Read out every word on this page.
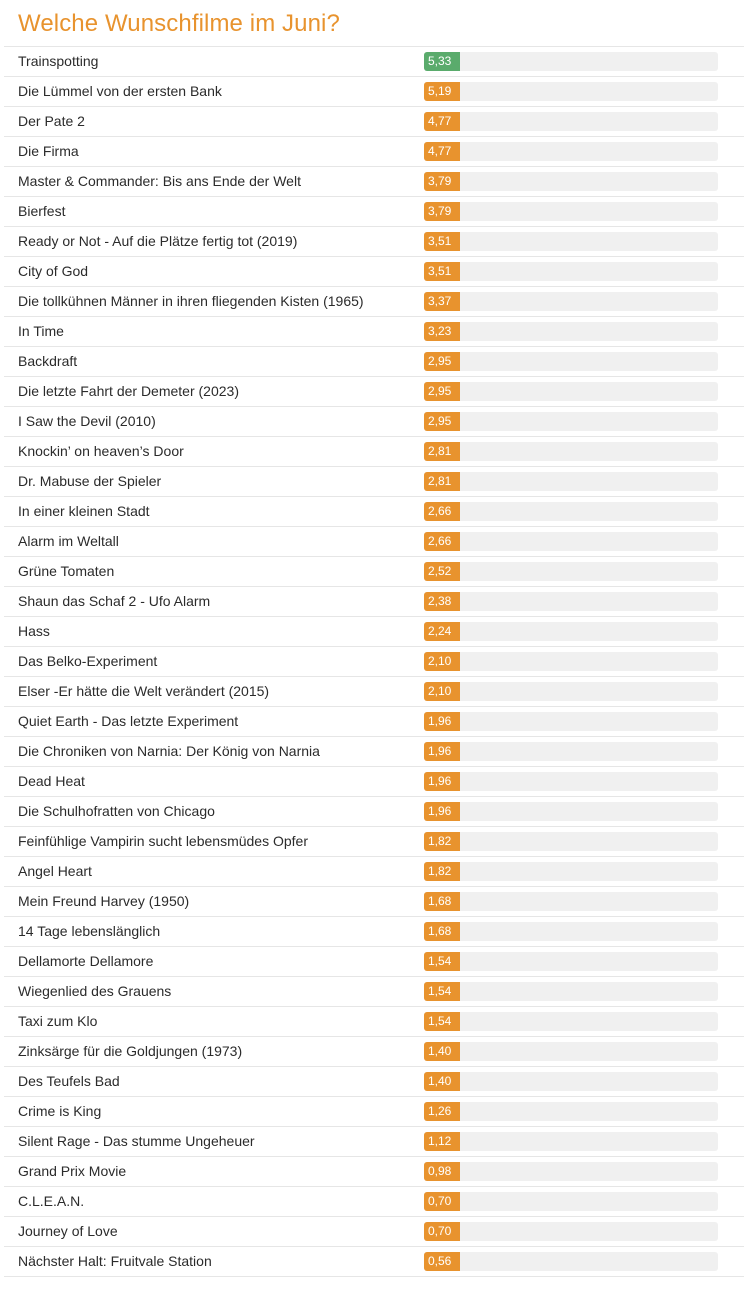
Welche Wunschfilme im Juni?
Trainspotting	5,33
Die Lümmel von der ersten Bank	5,19
Der Pate 2	4,77
Die Firma	4,77
Master & Commander: Bis ans Ende der Welt	3,79
Bierfest	3,79
Ready or Not - Auf die Plätze fertig tot (2019)	3,51
City of God	3,51
Die tollkühnen Männer in ihren fliegenden Kisten (1965)	3,37
In Time	3,23
Backdraft	2,95
Die letzte Fahrt der Demeter (2023)	2,95
I Saw the Devil (2010)	2,95
Knockin’ on heaven’s Door	2,81
Dr. Mabuse der Spieler	2,81
In einer kleinen Stadt	2,66
Alarm im Weltall	2,66
Grüne Tomaten	2,52
Shaun das Schaf 2 - Ufo Alarm	2,38
Hass	2,24
Das Belko-Experiment	2,10
Elser -Er hätte die Welt verändert (2015)	2,10
Quiet Earth - Das letzte Experiment	1,96
Die Chroniken von Narnia: Der König von Narnia	1,96
Dead Heat	1,96
Die Schulhofratten von Chicago	1,96
Feinfühlige Vampirin sucht lebensmüdes Opfer	1,82
Angel Heart	1,82
Mein Freund Harvey (1950)	1,68
14 Tage lebenslänglich	1,68
Dellamorte Dellamore	1,54
Wiegenlied des Grauens	1,54
Taxi zum Klo	1,54
Zinksärge für die Goldjungen (1973)	1,40
Des Teufels Bad	1,40
Crime is King	1,26
Silent Rage - Das stumme Ungeheuer	1,12
Grand Prix Movie	0,98
C.L.E.A.N.	0,70
Journey of Love	0,70
Nächster Halt: Fruitvale Station	0,56
